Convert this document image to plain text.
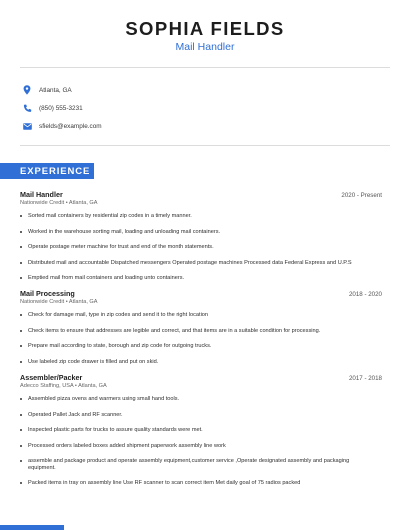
SOPHIA FIELDS
Mail Handler
Atlanta, GA
(850) 555-3231
sfields@example.com
EXPERIENCE
Mail Handler	2020 - Present
Nationwide Credit • Atlanta, GA
Sorted mail containers by residential zip codes in a timely manner.
Worked in the warehouse sorting mail, loading and unloading mail containers.
Operate postage meter machine for trust and end of the month statements.
Distributed mail and accountable Dispatched messengers Operated postage machines Processed data Federal Express and U.P.S
Emptied mail from mail containers and loading unto containers.
Mail Processing	2018 - 2020
Nationwide Credit • Atlanta, GA
Check for damage mail, type in zip codes and send it to the right location
Check items to ensure that addresses are legible and correct, and that items are in a suitable condition for processing.
Prepare mail according to state, borough and zip code for outgoing trucks.
Use labeled zip code drawer is filled and put on skid.
Assembler/Packer	2017 - 2018
Adecco Staffing, USA • Atlanta, GA
Assembled pizza ovens and warmers using small hand tools.
Operated Pallet Jack and RF scanner.
Inspected plastic parts for trucks to assure quality standards were met.
Processed orders labeled boxes added shipment paperwork assembly line work
assemble and package product and operate assembly equipment,customer service ,Operate designated assembly and packaging equipment.
Packed items in tray on assembly line Use RF scanner to scan correct item Met daily goal of 75 radios packed
